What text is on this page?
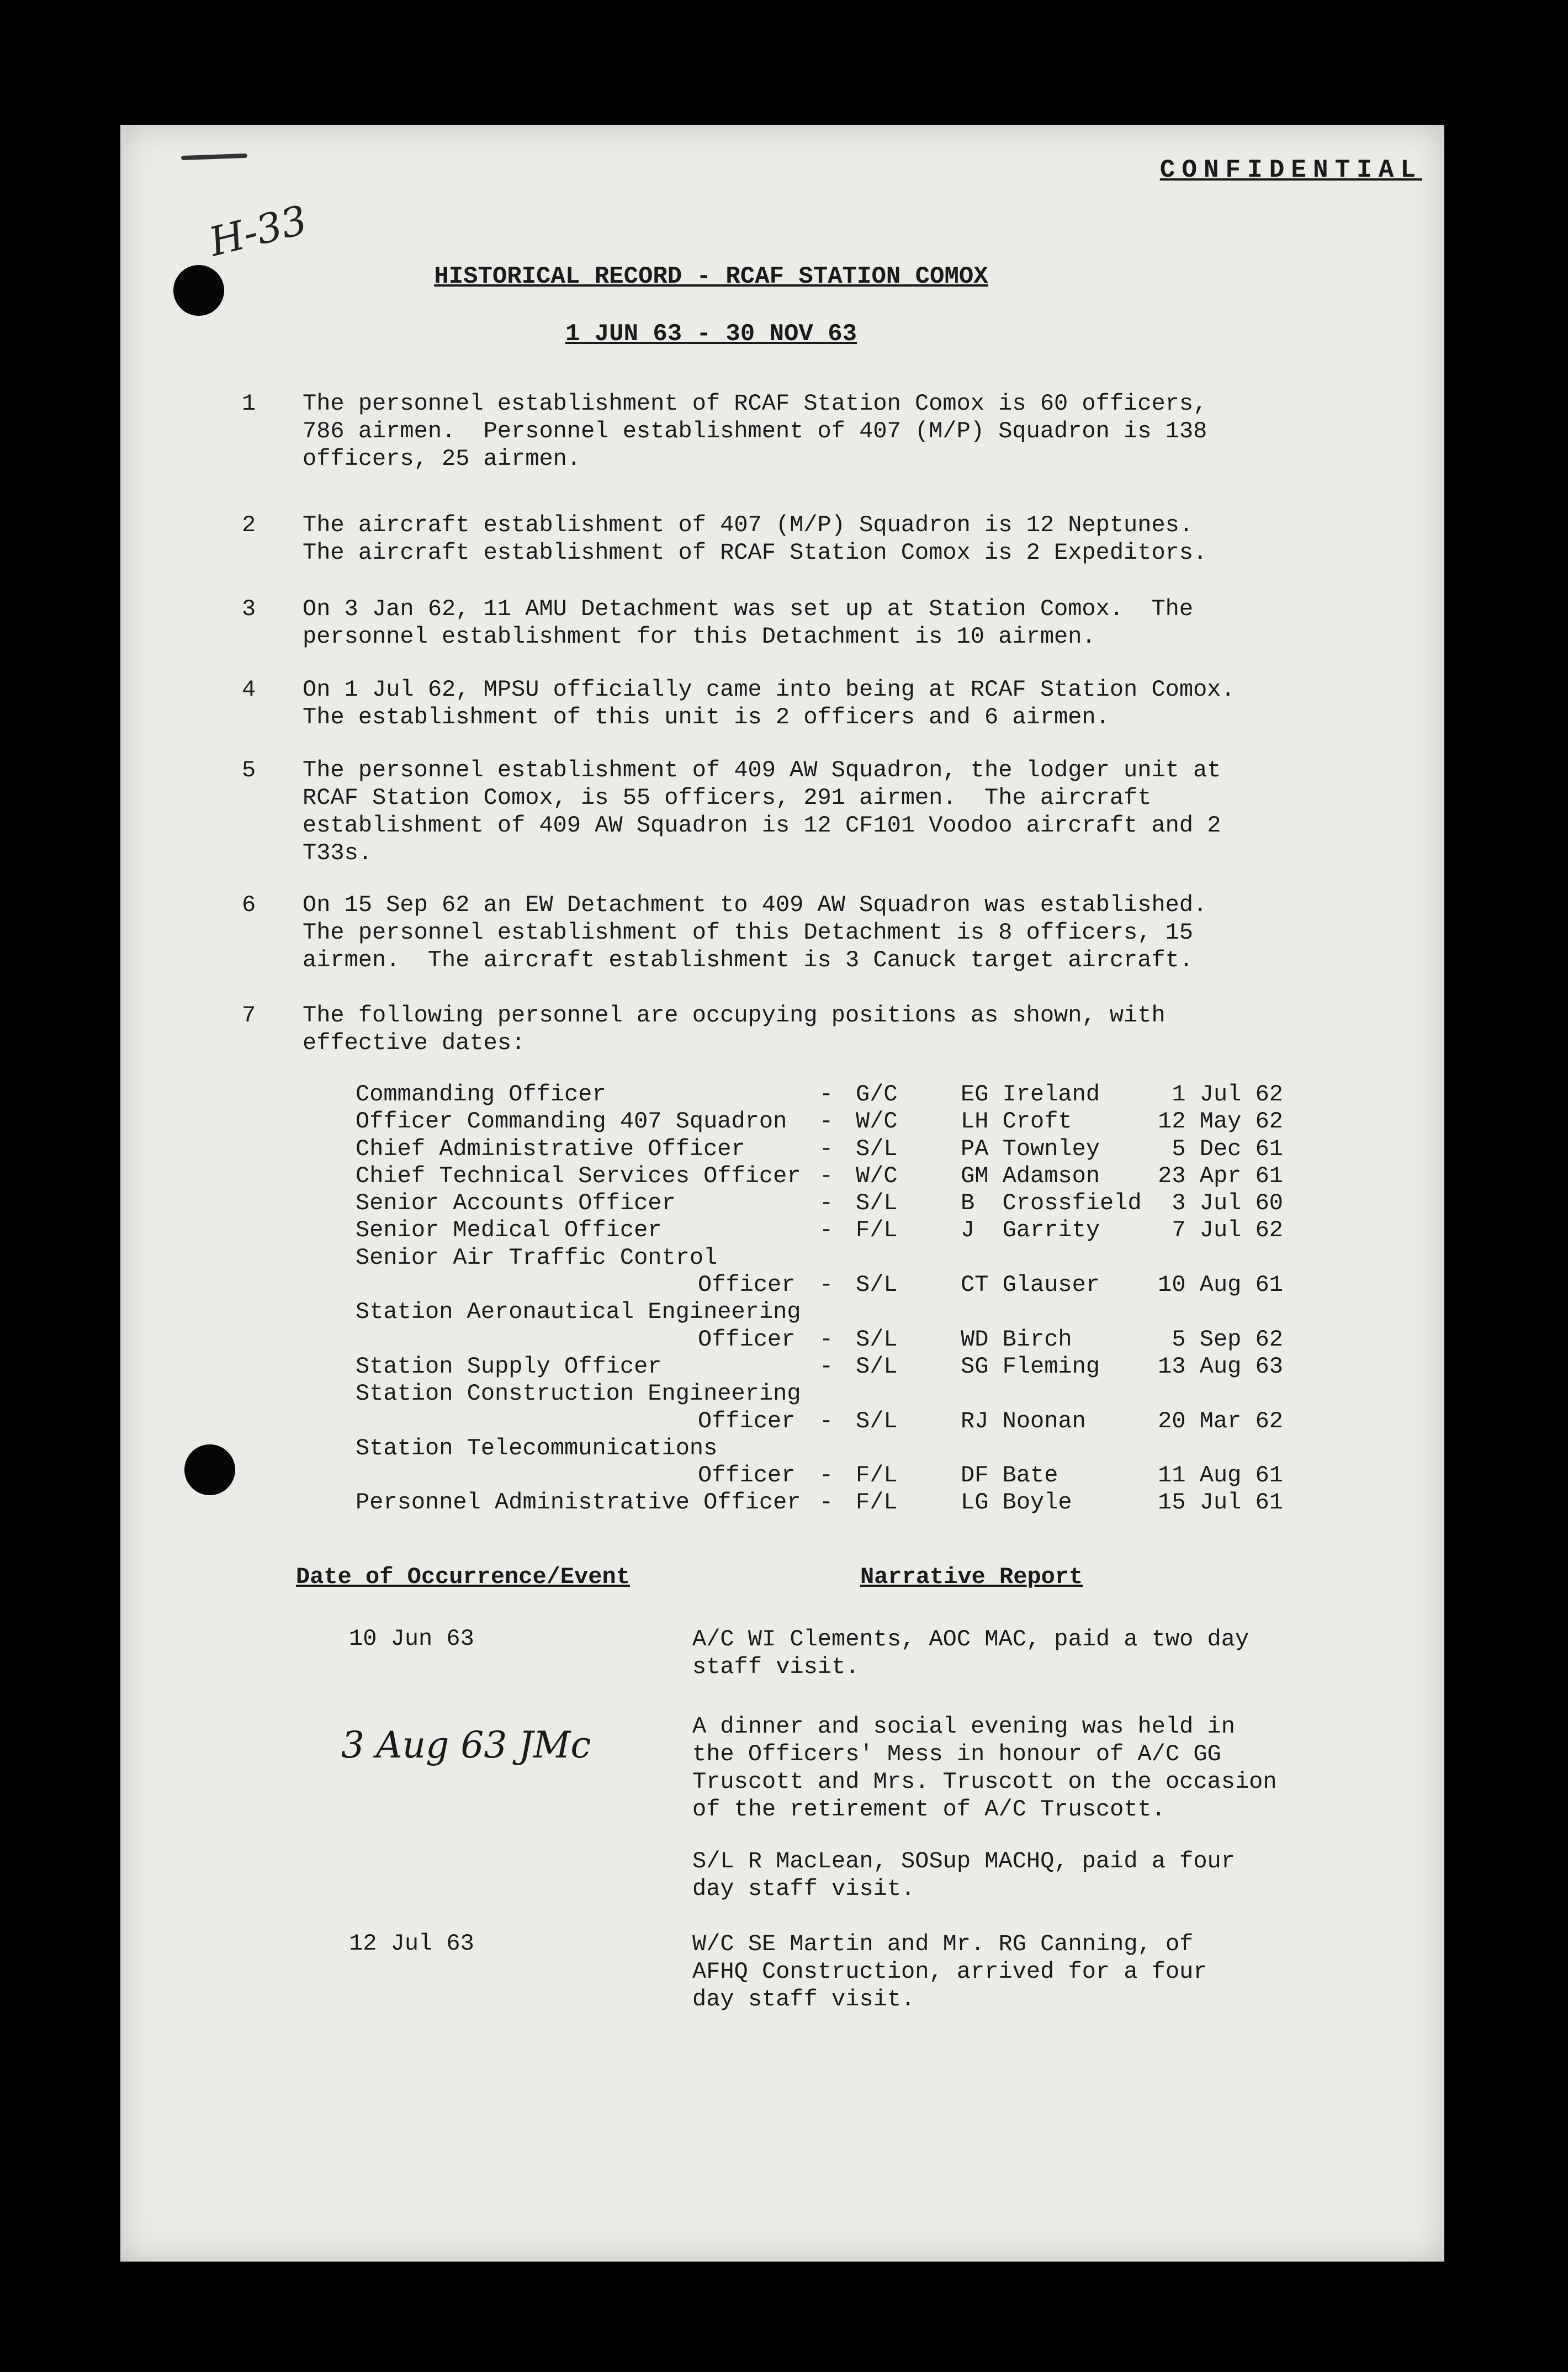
H-33
CONFIDENTIAL
HISTORICAL RECORD - RCAF STATION COMOX
1 JUN 63 - 30 NOV 63
1 The personnel establishment of RCAF Station Comox is 60 officers,
786 airmen.  Personnel establishment of 407 (M/P) Squadron is 138
officers, 25 airmen.
2 The aircraft establishment of 407 (M/P) Squadron is 12 Neptunes.
The aircraft establishment of RCAF Station Comox is 2 Expeditors.
3 On 3 Jan 62, 11 AMU Detachment was set up at Station Comox.  The
personnel establishment for this Detachment is 10 airmen.
4 On 1 Jul 62, MPSU officially came into being at RCAF Station Comox.
The establishment of this unit is 2 officers and 6 airmen.
5 The personnel establishment of 409 AW Squadron, the lodger unit at
RCAF Station Comox, is 55 officers, 291 airmen.  The aircraft
establishment of 409 AW Squadron is 12 CF101 Voodoo aircraft and 2
T33s.
6 On 15 Sep 62 an EW Detachment to 409 AW Squadron was established.
The personnel establishment of this Detachment is 8 officers, 15
airmen.  The aircraft establishment is 3 Canuck target aircraft.
7 The following personnel are occupying positions as shown, with
effective dates:
Commanding Officer	- G/C	EG Ireland	1 Jul 62
Officer Commanding 407 Squadron - W/C	LH Croft	12 May 62
Chief Administrative Officer	- S/L	PA Townley	5 Dec 61
Chief Technical Services Officer - W/C	GM Adamson	23 Apr 61
Senior Accounts Officer	- S/L	B  Crossfield	3 Jul 60
Senior Medical Officer	- F/L	J  Garrity	7 Jul 62
Senior Air Traffic Control
Officer - S/L	CT Glauser	10 Aug 61
Station Aeronautical Engineering
Officer - S/L	WD Birch	5 Sep 62
Station Supply Officer	- S/L	SG Fleming	13 Aug 63
Station Construction Engineering
Officer - S/L	RJ Noonan	20 Mar 62
Station Telecommunications
Officer - F/L	DF Bate	11 Aug 61
Personnel Administrative Officer - F/L	LG Boyle	15 Jul 61
Date of Occurrence/Event	Narrative Report
10 Jun 63	A/C WI Clements, AOC MAC, paid a two day
staff visit.
3 Aug 63 JMc	A dinner and social evening was held in
the Officers' Mess in honour of A/C GG
Truscott and Mrs. Truscott on the occasion
of the retirement of A/C Truscott.
S/L R MacLean, SOSup MACHQ, paid a four
day staff visit.
12 Jul 63	W/C SE Martin and Mr. RG Canning, of
AFHQ Construction, arrived for a four
day staff visit.
